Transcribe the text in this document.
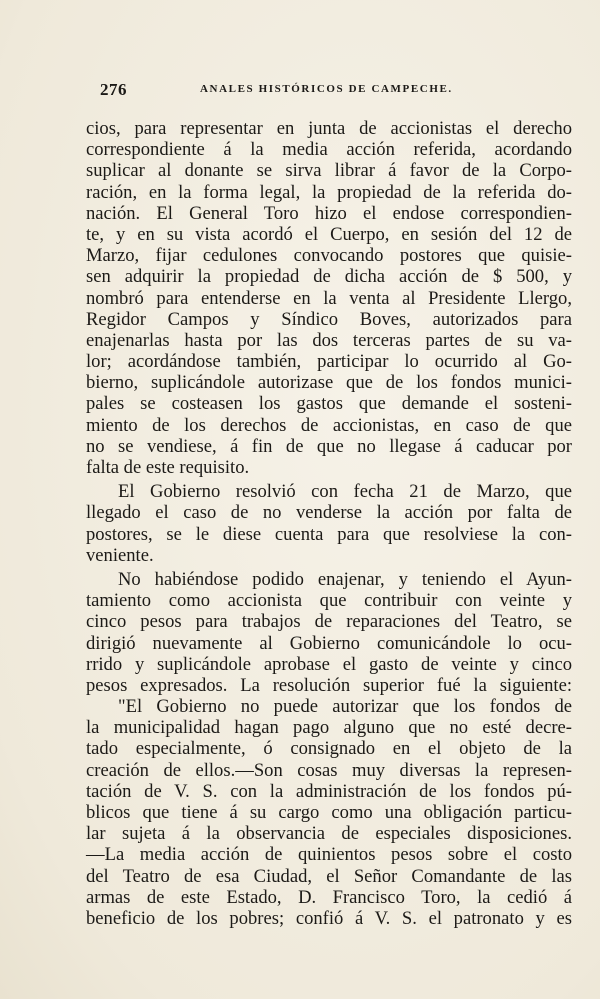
276	ANALES HISTÓRICOS DE CAMPECHE.
cios, para representar en junta de accionistas el derecho
correspondiente á la media acción referida, acordando
suplicar al donante se sirva librar á favor de la Corpo-
ración, en la forma legal, la propiedad de la referida do-
nación. El General Toro hizo el endose correspondien-
te, y en su vista acordó el Cuerpo, en sesión del 12 de
Marzo, fijar cedulones convocando postores que quisie-
sen adquirir la propiedad de dicha acción de $ 500, y
nombró para entenderse en la venta al Presidente Llergo,
Regidor Campos y Síndico Boves, autorizados para
enajenarlas hasta por las dos terceras partes de su va-
lor; acordándose también, participar lo ocurrido al Go-
bierno, suplicándole autorizase que de los fondos munici-
pales se costeasen los gastos que demande el sosteni-
miento de los derechos de accionistas, en caso de que
no se vendiese, á fin de que no llegase á caducar por
falta de este requisito.
El Gobierno resolvió con fecha 21 de Marzo, que
llegado el caso de no venderse la acción por falta de
postores, se le diese cuenta para que resolviese la con-
veniente.
No habiéndose podido enajenar, y teniendo el Ayun-
tamiento como accionista que contribuir con veinte y
cinco pesos para trabajos de reparaciones del Teatro, se
dirigió nuevamente al Gobierno comunicándole lo ocu-
rrido y suplicándole aprobase el gasto de veinte y cinco
pesos expresados. La resolución superior fué la siguiente:
"El Gobierno no puede autorizar que los fondos de
la municipalidad hagan pago alguno que no esté decre-
tado especialmente, ó consignado en el objeto de la
creación de ellos.—Son cosas muy diversas la represen-
tación de V. S. con la administración de los fondos pú-
blicos que tiene á su cargo como una obligación particu-
lar sujeta á la observancia de especiales disposiciones.
—La media acción de quinientos pesos sobre el costo
del Teatro de esa Ciudad, el Señor Comandante de las
armas de este Estado, D. Francisco Toro, la cedió á
beneficio de los pobres; confió á V. S. el patronato y es
